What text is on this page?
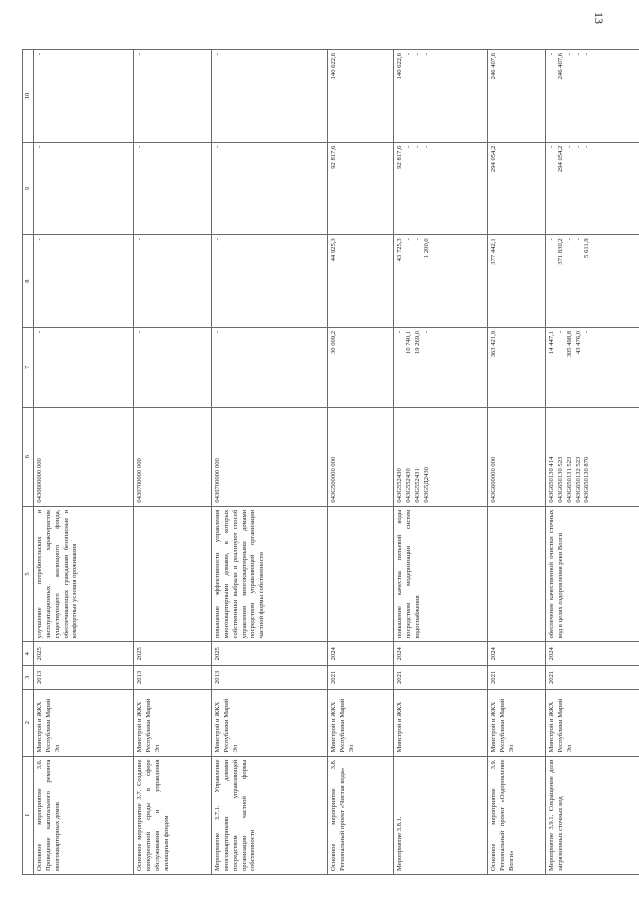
13
1	2	3	4	5	6	7	8	9	10
Основное мероприятие 3.6. Проведение капитального ремонта многоквартирных домов	Минстрой и ЖКХ Республики Марий Эл	2013	2025	улучшение потребительских и эксплуатационных характеристик существующего жилищного фонда, обеспечивающих гражданам безопасные и комфортные условия проживания	0430600000 000	-	-	-	-

Основное мероприятие 3.7. Создание конкурентной среды в сфере обслуживания и управления жилищным фондом	Минстрой и ЖКХ Республики Марий Эл	2013	2025		0430700000 000	-	-	-	-

Мероприятие 3.7.1. Управление многоквартирными домами посредством управляющей организации частной формы собственности	Минстрой и ЖКХ Республики Марий Эл	2013	2025	повышение эффективности управления многоквартирными домами, в которых собственники выбрали и реализуют способ управления многоквартирными домами посредством управляющей организации частной формы собственности	0430700000 000	-	-	-	-

Основное мероприятие 3.8. Региональный проект «Чистая вода»	Минстрой и ЖКХ Республики Марий Эл	2021	2024		043G500000 000	30 009,2	44 925,3	92 817,6	140 622,6

Мероприятие 3.8.1.	Минстрой и ЖКХ	2021	2024	повышение качества питьевой воды посредством модернизации систем водоснабжения	043G552430 043G552430 043G552431 043G5Д2430	- 10 740,1 19 269,0 -	43 725,3 - - 1 200,0	92 817,6 - - -	140 622,6 - - -

Основное мероприятие 3.9. Региональный проект «Оздоровление Волги»	Минстрой и ЖКХ Республики Марий Эл	2021	2024		043G600000 000	363 421,9	377 442,1	294 054,2	246 407,6

Мероприятие 3.9.1. Сокращение доли загрязненных сточных вод	Минстрой и ЖКХ Республики Марий Эл	2021	2024	обеспечение качественной очистки сточных вод в целях оздоровления реки Волги	043G650130 414 043G650130 523 043G650131 523 043G650132 523 043G650130 870	14 447,1 - 305 498,8 43 476,0 -	- 371 830,2 - - 5 611,9	- 294 054,2 - - -	- 246 407,6 - - -
